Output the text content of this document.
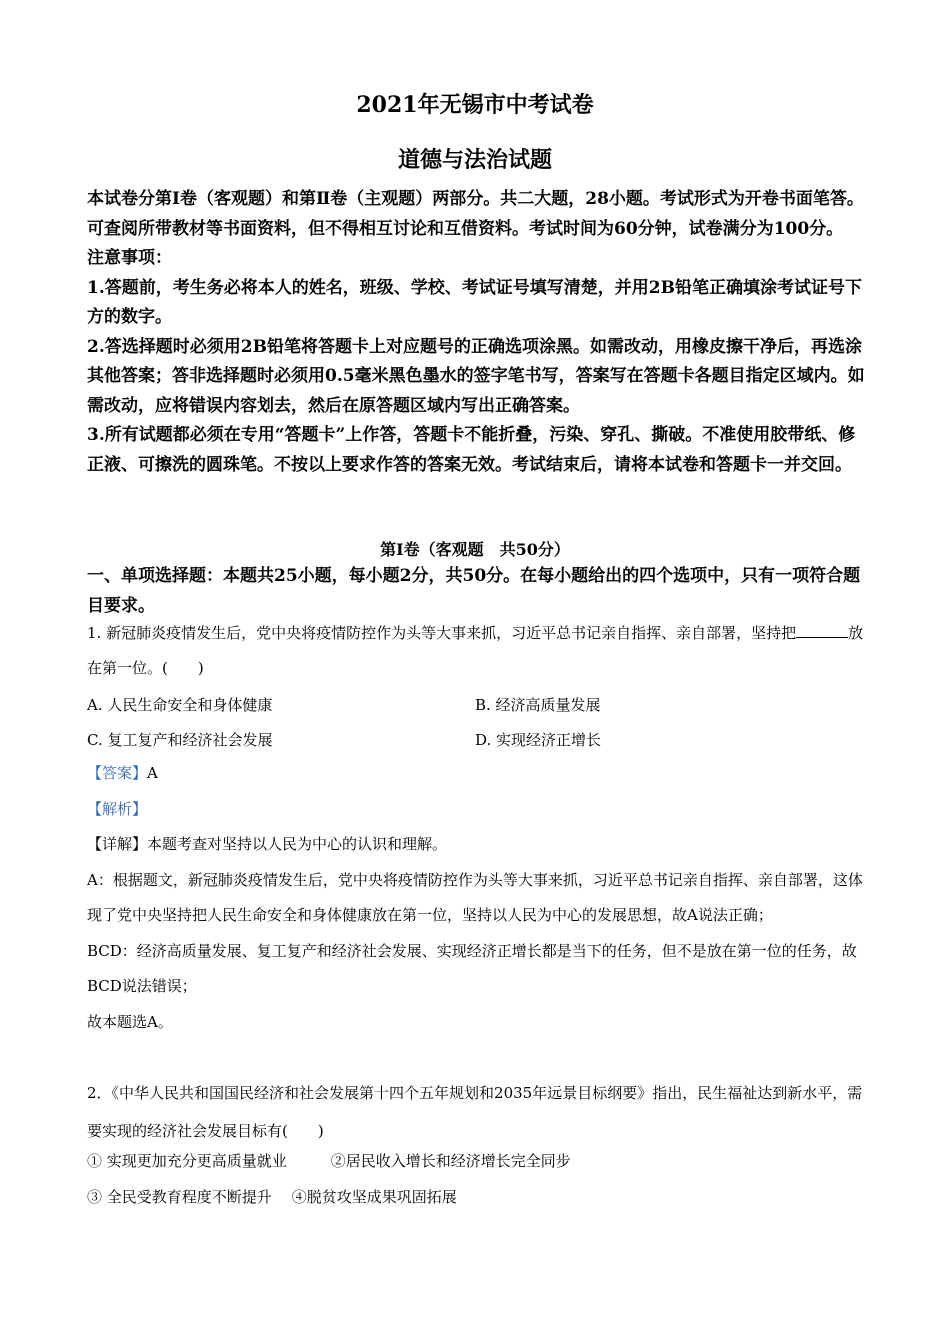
2021年无锡市中考试卷
道德与法治试题

本试卷分第Ⅰ卷（客观题）和第Ⅱ卷（主观题）两部分。共二大题，28小题。考试形式为开卷书面笔答。可查阅所带教材等书面资料，但不得相互讨论和互借资料。考试时间为60分钟，试卷满分为100分。

注意事项：

1.答题前，考生务必将本人的姓名，班级、学校、考试证号填写清楚，并用2B铅笔正确填涂考试证号下方的数字。

2.答选择题时必须用2B铅笔将答题卡上对应题号的正确选项涂黑。如需改动，用橡皮擦干净后，再选涂其他答案；答非选择题时必须用0.5毫米黑色墨水的签字笔书写，答案写在答题卡各题目指定区域内。如需改动，应将错误内容划去，然后在原答题区域内写出正确答案。

3.所有试题都必须在专用“答题卡”上作答，答题卡不能折叠，污染、穿孔、撕破。不准使用胶带纸、修正液、可擦洗的圆珠笔。不按以上要求作答的答案无效。考试结束后，请将本试卷和答题卡一并交回。

第Ⅰ卷（客观题　共50分）
一、单项选择题：本题共25小题，每小题2分，共50分。在每小题给出的四个选项中，只有一项符合题目要求。
1. 新冠肺炎疫情发生后，党中央将疫情防控作为头等大事来抓，习近平总书记亲自指挥、亲自部署，坚持把	放在第一位。(　　)
A. 人民生命安全和身体健康	B. 经济高质量发展
C. 复工复产和经济社会发展	D. 实现经济正增长

【答案】A

【解析】

【详解】本题考查对坚持以人民为中心的认识和理解。

A：根据题文，新冠肺炎疫情发生后，党中央将疫情防控作为头等大事来抓，习近平总书记亲自指挥、亲自部署，这体现了党中央坚持把人民生命安全和身体健康放在第一位，坚持以人民为中心的发展思想，故A说法正确；

BCD：经济高质量发展、复工复产和经济社会发展、实现经济正增长都是当下的任务，但不是放在第一位的任务，故BCD说法错误；

故本题选A。

2．《中华人民共和国国民经济和社会发展第十四个五年规划和2035年远景目标纲要》指出，民生福祉达到新水平，需要实现的经济社会发展目标有(　　)

① 实现更加充分更高质量就业	②居民收入增长和经济增长完全同步

③ 全民受教育程度不断提升 ④脱贫攻坚成果巩固拓展
